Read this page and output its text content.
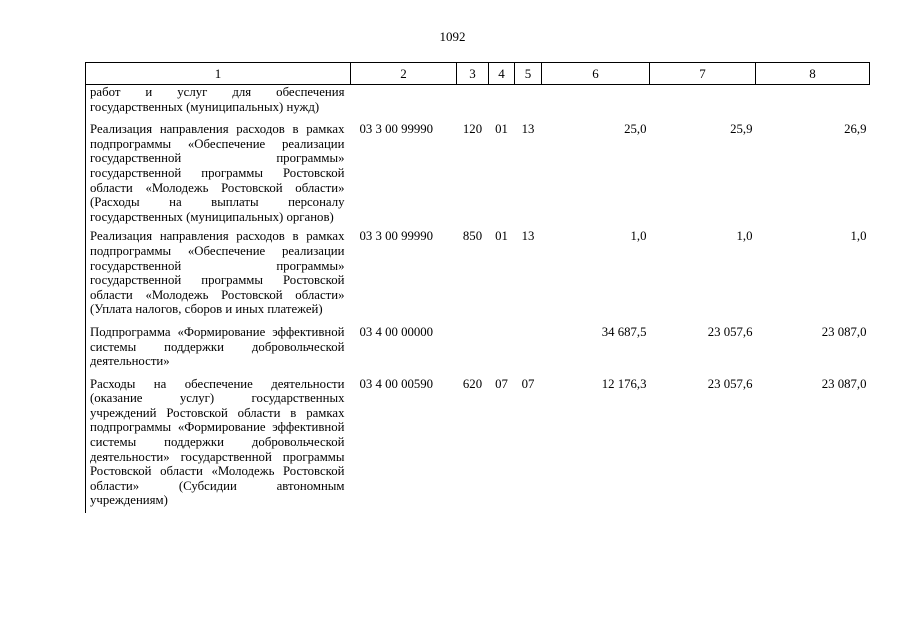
1092
1	2	3	4	5	6	7	8
работ и услуг для обеспечения государственных (муниципальных) нужд)							
Реализация направления расходов в рамках подпрограммы «Обеспечение реализации государственной программы» государственной программы Ростовской области «Молодежь Ростовской области» (Расходы на выплаты персоналу государственных (муниципальных) органов)	03 3 00 99990	120	01	13	25,0	25,9	26,9
Реализация направления расходов в рамках подпрограммы «Обеспечение реализации государственной программы» государственной программы Ростовской области «Молодежь Ростовской области» (Уплата налогов, сборов и иных платежей)	03 3 00 99990	850	01	13	1,0	1,0	1,0
Подпрограмма «Формирование эффективной системы поддержки добровольческой деятельности»	03 4 00 00000				34 687,5	23 057,6	23 087,0
Расходы на обеспечение деятельности (оказание услуг) государственных учреждений Ростовской области в рамках подпрограммы «Формирование эффективной системы поддержки добровольческой деятельности» государственной программы Ростовской области «Молодежь Ростовской области» (Субсидии автономным учреждениям)	03 4 00 00590	620	07	07	12 176,3	23 057,6	23 087,0
